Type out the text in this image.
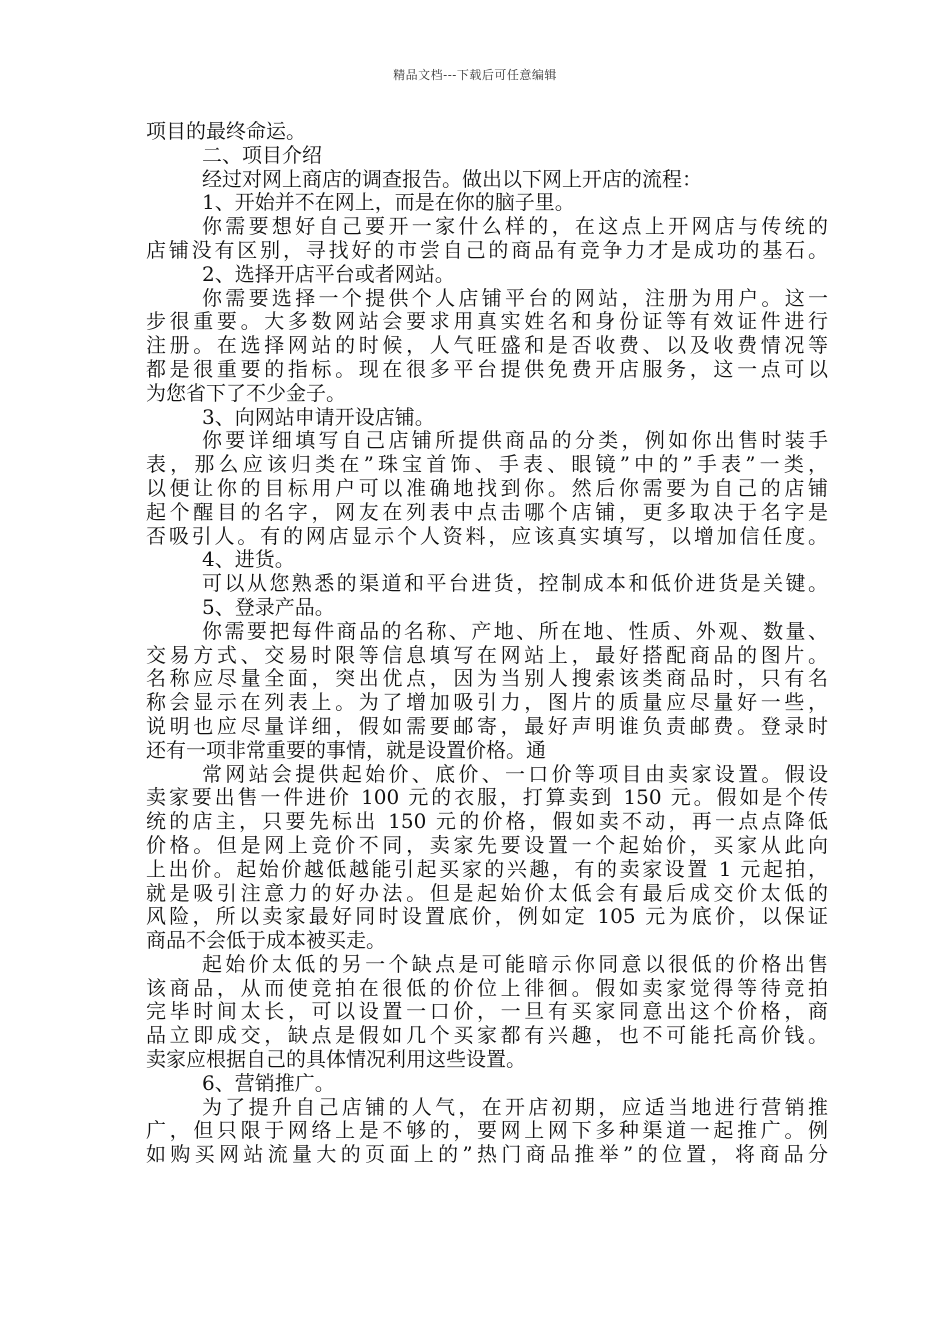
精品文档---下载后可任意编辑
项目的最终命运。
二、项目介绍
经过对网上商店的调查报告。做出以下网上开店的流程：
1、开始并不在网上，而是在你的脑子里。
你需要想好自己要开一家什么样的，在这点上开网店与传统的
店铺没有区别，寻找好的市尝自己的商品有竞争力才是成功的基石。
2、选择开店平台或者网站。
你需要选择一个提供个人店铺平台的网站，注册为用户。这一
步很重要。大多数网站会要求用真实姓名和身份证等有效证件进行
注册。在选择网站的时候，人气旺盛和是否收费、以及收费情况等
都是很重要的指标。现在很多平台提供免费开店服务，这一点可以
为您省下了不少金子。
3、向网站申请开设店铺。
你要详细填写自己店铺所提供商品的分类，例如你出售时装手
表，那么应该归类在”珠宝首饰、手表、眼镜”中的”手表”一类，
以便让你的目标用户可以准确地找到你。然后你需要为自己的店铺
起个醒目的名字，网友在列表中点击哪个店铺，更多取决于名字是
否吸引人。有的网店显示个人资料，应该真实填写，以增加信任度。
4、进货。
可以从您熟悉的渠道和平台进货，控制成本和低价进货是关键。
5、登录产品。
你需要把每件商品的名称、产地、所在地、性质、外观、数量、
交易方式、交易时限等信息填写在网站上，最好搭配商品的图片。
名称应尽量全面，突出优点，因为当别人搜索该类商品时，只有名
称会显示在列表上。为了增加吸引力，图片的质量应尽量好一些，
说明也应尽量详细，假如需要邮寄，最好声明谁负责邮费。登录时
还有一项非常重要的事情，就是设置价格。通
常网站会提供起始价、底价、一口价等项目由卖家设置。假设
卖家要出售一件进价 100 元的衣服，打算卖到 150 元。假如是个传
统的店主，只要先标出 150 元的价格，假如卖不动，再一点点降低
价格。但是网上竞价不同，卖家先要设置一个起始价，买家从此向
上出价。起始价越低越能引起买家的兴趣，有的卖家设置 1 元起拍，
就是吸引注意力的好办法。但是起始价太低会有最后成交价太低的
风险，所以卖家最好同时设置底价，例如定 105 元为底价，以保证
商品不会低于成本被买走。
起始价太低的另一个缺点是可能暗示你同意以很低的价格出售
该商品，从而使竞拍在很低的价位上徘徊。假如卖家觉得等待竞拍
完毕时间太长，可以设置一口价，一旦有买家同意出这个价格，商
品立即成交，缺点是假如几个买家都有兴趣，也不可能托高价钱。
卖家应根据自己的具体情况利用这些设置。
6、营销推广。
为了提升自己店铺的人气，在开店初期，应适当地进行营销推
广，但只限于网络上是不够的，要网上网下多种渠道一起推广。例
如购买网站流量大的页面上的”热门商品推举”的位置，将商品分
